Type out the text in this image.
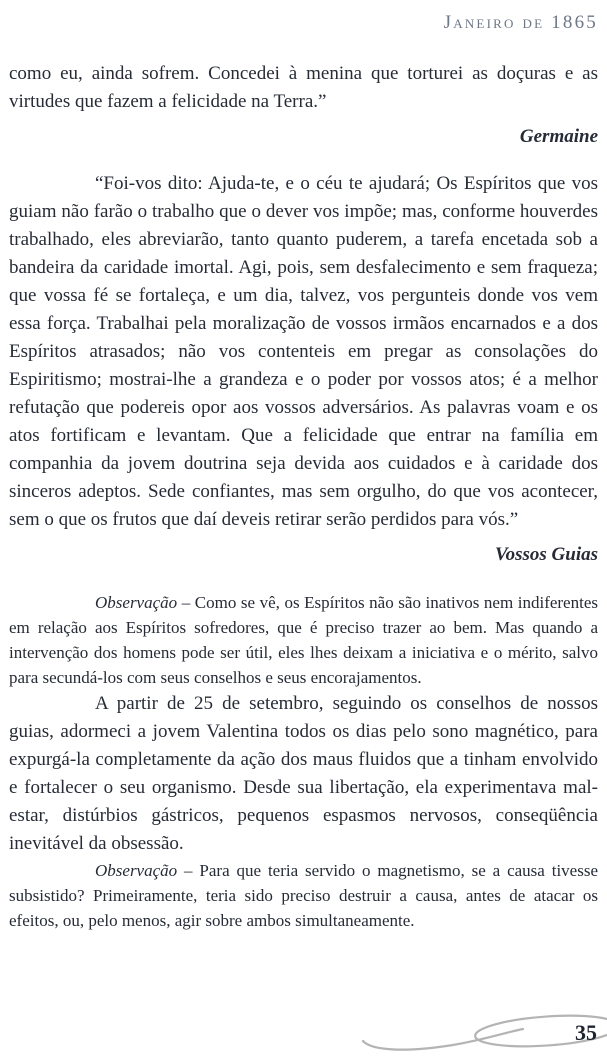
Janeiro de 1865

como eu, ainda sofrem. Concedei à menina que torturei as doçuras e as virtudes que fazem a felicidade na Terra.”

Germaine

“Foi-vos dito: Ajuda-te, e o céu te ajudará; Os Espíritos que vos guiam não farão o trabalho que o dever vos impõe; mas, conforme houverdes trabalhado, eles abreviarão, tanto quanto puderem, a tarefa encetada sob a bandeira da caridade imortal. Agi, pois, sem desfalecimento e sem fraqueza; que vossa fé se fortaleça, e um dia, talvez, vos pergunteis donde vos vem essa força. Trabalhai pela moralização de vossos irmãos encarnados e a dos Espíritos atrasados; não vos contenteis em pregar as consolações do Espiritismo; mostrai-lhe a grandeza e o poder por vossos atos; é a melhor refutação que podereis opor aos vossos adversários. As palavras voam e os atos fortificam e levantam. Que a felicidade que entrar na família em companhia da jovem doutrina seja devida aos cuidados e à caridade dos sinceros adeptos. Sede confiantes, mas sem orgulho, do que vos acontecer, sem o que os frutos que daí deveis retirar serão perdidos para vós.”

Vossos Guias

Observação – Como se vê, os Espíritos não são inativos nem indiferentes em relação aos Espíritos sofredores, que é preciso trazer ao bem. Mas quando a intervenção dos homens pode ser útil, eles lhes deixam a iniciativa e o mérito, salvo para secundá-los com seus conselhos e seus encorajamentos.

A partir de 25 de setembro, seguindo os conselhos de nossos guias, adormeci a jovem Valentina todos os dias pelo sono magnético, para expurgá-la completamente da ação dos maus fluidos que a tinham envolvido e fortalecer o seu organismo. Desde sua libertação, ela experimentava mal-estar, distúrbios gástricos, pequenos espasmos nervosos, conseqüência inevitável da obsessão.

Observação – Para que teria servido o magnetismo, se a causa tivesse subsistido? Primeiramente, teria sido preciso destruir a causa, antes de atacar os efeitos, ou, pelo menos, agir sobre ambos simultaneamente.

35
